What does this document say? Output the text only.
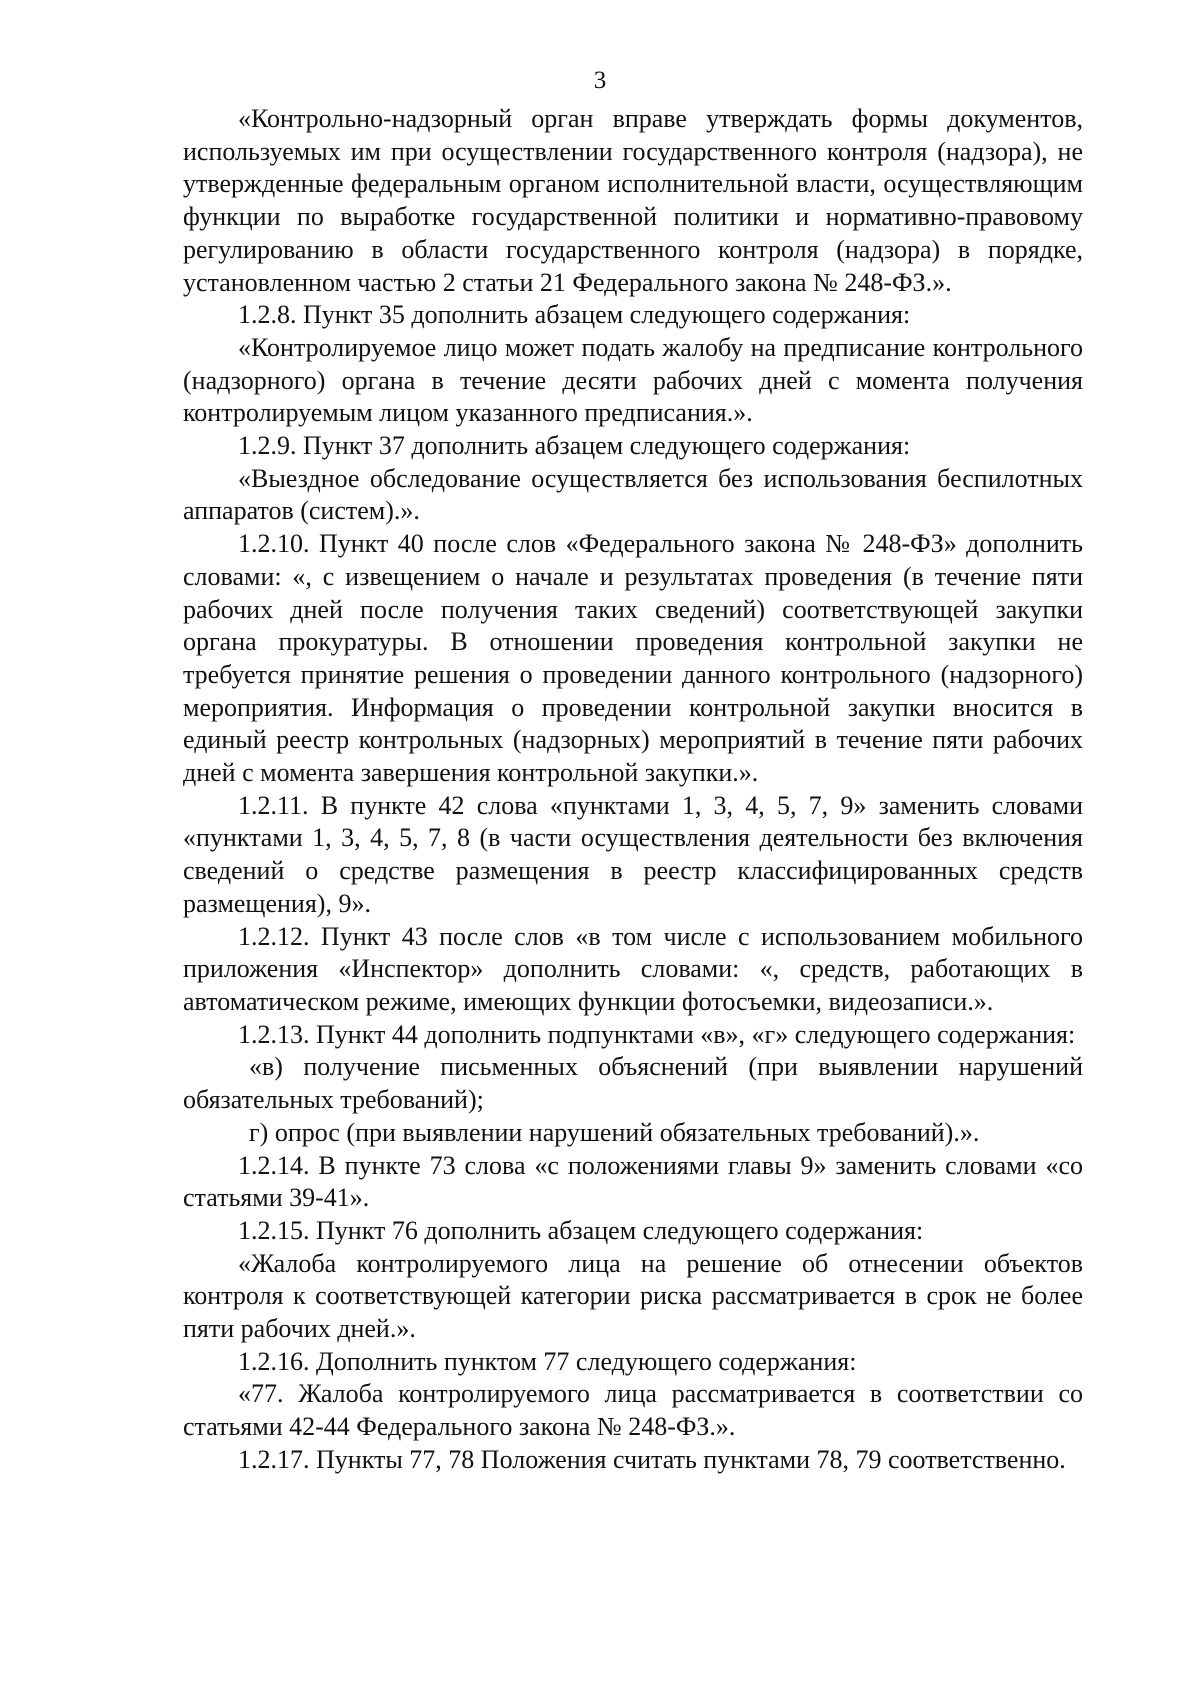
3

«Контрольно-надзорный орган вправе утверждать формы документов, используемых им при осуществлении государственного контроля (надзора), не утвержденные федеральным органом исполнительной власти, осуществляющим функции по выработке государственной политики и нормативно-правовому регулированию в области государственного контроля (надзора) в порядке, установленном частью 2 статьи 21 Федерального закона № 248-ФЗ.».

1.2.8. Пункт 35 дополнить абзацем следующего содержания:

«Контролируемое лицо может подать жалобу на предписание контрольного (надзорного) органа в течение десяти рабочих дней с момента получения контролируемым лицом указанного предписания.».

1.2.9. Пункт 37 дополнить абзацем следующего содержания:

«Выездное обследование осуществляется без использования беспилотных аппаратов (систем).».

1.2.10. Пункт 40 после слов «Федерального закона № 248-ФЗ» дополнить словами: «, с извещением о начале и результатах проведения (в течение пяти рабочих дней после получения таких сведений) соответствующей закупки органа прокуратуры. В отношении проведения контрольной закупки не требуется принятие решения о проведении данного контрольного (надзорного) мероприятия. Информация о проведении контрольной закупки вносится в единый реестр контрольных (надзорных) мероприятий в течение пяти рабочих дней с момента завершения контрольной закупки.».

1.2.11. В пункте 42 слова «пунктами 1, 3, 4, 5, 7, 9» заменить словами «пунктами 1, 3, 4, 5, 7, 8 (в части осуществления деятельности без включения сведений о средстве размещения в реестр классифицированных средств размещения), 9».

1.2.12. Пункт 43 после слов «в том числе с использованием мобильного приложения «Инспектор» дополнить словами: «, средств, работающих в автоматическом режиме, имеющих функции фотосъемки, видеозаписи.».

1.2.13. Пункт 44 дополнить подпунктами «в», «г» следующего содержания:

«в) получение письменных объяснений (при выявлении нарушений обязательных требований);

г) опрос (при выявлении нарушений обязательных требований).».

1.2.14. В пункте 73 слова «с положениями главы 9» заменить словами «со статьями 39-41».

1.2.15. Пункт 76 дополнить абзацем следующего содержания:

«Жалоба контролируемого лица на решение об отнесении объектов контроля к соответствующей категории риска рассматривается в срок не более пяти рабочих дней.».

1.2.16. Дополнить пунктом 77 следующего содержания:

«77. Жалоба контролируемого лица рассматривается в соответствии со статьями 42-44 Федерального закона № 248-ФЗ.».

1.2.17. Пункты 77, 78 Положения считать пунктами 78, 79 соответственно.
